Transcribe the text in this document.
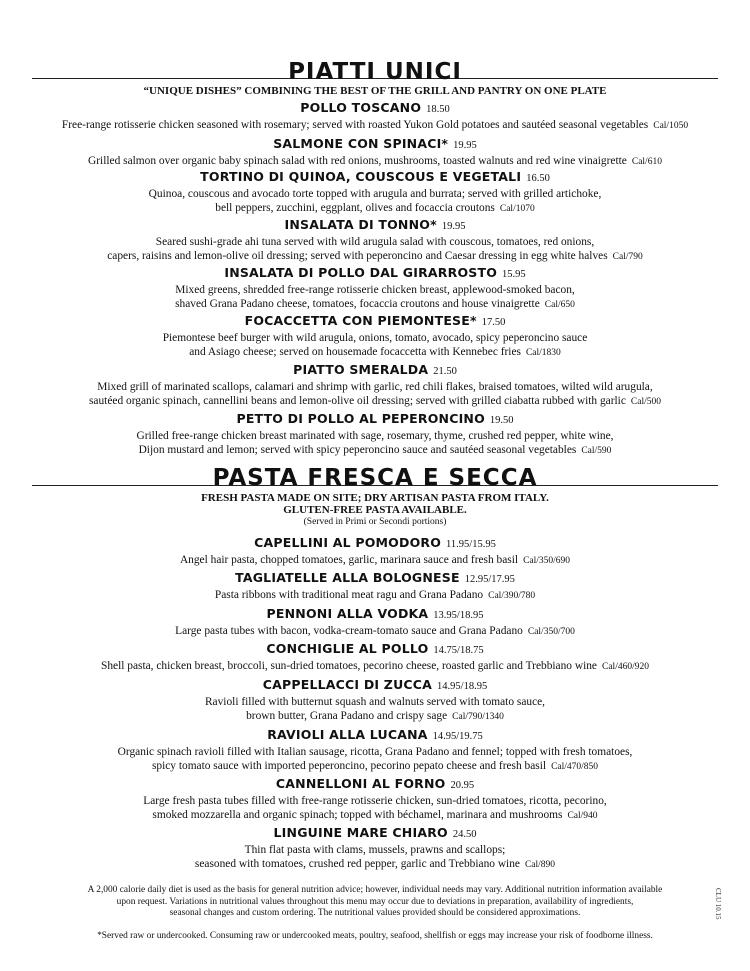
PIATTI UNICI
“UNIQUE DISHES” COMBINING THE BEST OF THE GRILL AND PANTRY ON ONE PLATE
POLLO TOSCANO 18.50
Free-range rotisserie chicken seasoned with rosemary; served with roasted Yukon Gold potatoes and sautéed seasonal vegetables Cal/1050
SALMONE CON SPINACI* 19.95
Grilled salmon over organic baby spinach salad with red onions, mushrooms, toasted walnuts and red wine vinaigrette Cal/610
TORTINO DI QUINOA, COUSCOUS E VEGETALI 16.50
Quinoa, couscous and avocado torte topped with arugula and burrata; served with grilled artichoke,
bell peppers, zucchini, eggplant, olives and focaccia croutons Cal/1070
INSALATA DI TONNO* 19.95
Seared sushi-grade ahi tuna served with wild arugula salad with couscous, tomatoes, red onions,
capers, raisins and lemon-olive oil dressing; served with peperoncino and Caesar dressing in egg white halves Cal/790
INSALATA DI POLLO DAL GIRARROSTO 15.95
Mixed greens, shredded free-range rotisserie chicken breast, applewood-smoked bacon,
shaved Grana Padano cheese, tomatoes, focaccia croutons and house vinaigrette Cal/650
FOCACCETTA CON PIEMONTESE* 17.50
Piemontese beef burger with wild arugula, onions, tomato, avocado, spicy peperoncino sauce
and Asiago cheese; served on housemade focaccetta with Kennebec fries Cal/1830
PIATTO SMERALDA 21.50
Mixed grill of marinated scallops, calamari and shrimp with garlic, red chili flakes, braised tomatoes, wilted wild arugula,
sautéed organic spinach, cannellini beans and lemon-olive oil dressing; served with grilled ciabatta rubbed with garlic Cal/500
PETTO DI POLLO AL PEPERONCINO 19.50
Grilled free-range chicken breast marinated with sage, rosemary, thyme, crushed red pepper, white wine,
Dijon mustard and lemon; served with spicy peperoncino sauce and sautéed seasonal vegetables Cal/590
PASTA FRESCA E SECCA
FRESH PASTA MADE ON SITE; DRY ARTISAN PASTA FROM ITALY.
GLUTEN-FREE PASTA AVAILABLE.
(Served in Primi or Secondi portions)
CAPELLINI AL POMODORO 11.95/15.95
Angel hair pasta, chopped tomatoes, garlic, marinara sauce and fresh basil Cal/350/690
TAGLIATELLE ALLA BOLOGNESE 12.95/17.95
Pasta ribbons with traditional meat ragu and Grana Padano Cal/390/780
PENNONI ALLA VODKA 13.95/18.95
Large pasta tubes with bacon, vodka-cream-tomato sauce and Grana Padano Cal/350/700
CONCHIGLIE AL POLLO 14.75/18.75
Shell pasta, chicken breast, broccoli, sun-dried tomatoes, pecorino cheese, roasted garlic and Trebbiano wine Cal/460/920
CAPPELLACCI DI ZUCCA 14.95/18.95
Ravioli filled with butternut squash and walnuts served with tomato sauce,
brown butter, Grana Padano and crispy sage Cal/790/1340
RAVIOLI ALLA LUCANA 14.95/19.75
Organic spinach ravioli filled with Italian sausage, ricotta, Grana Padano and fennel; topped with fresh tomatoes,
spicy tomato sauce with imported peperoncino, pecorino pepato cheese and fresh basil Cal/470/850
CANNELLONI AL FORNO 20.95
Large fresh pasta tubes filled with free-range rotisserie chicken, sun-dried tomatoes, ricotta, pecorino,
smoked mozzarella and organic spinach; topped with béchamel, marinara and mushrooms Cal/940
LINGUINE MARE CHIARO 24.50
Thin flat pasta with clams, mussels, prawns and scallops;
seasoned with tomatoes, crushed red pepper, garlic and Trebbiano wine Cal/890
A 2,000 calorie daily diet is used as the basis for general nutrition advice; however, individual needs may vary. Additional nutrition information available
upon request. Variations in nutritional values throughout this menu may occur due to deviations in preparation, availability of ingredients,
seasonal changes and custom ordering. The nutritional values provided should be considered approximations.
*Served raw or undercooked. Consuming raw or undercooked meats, poultry, seafood, shellfish or eggs may increase your risk of foodborne illness.
CLU 10.15
